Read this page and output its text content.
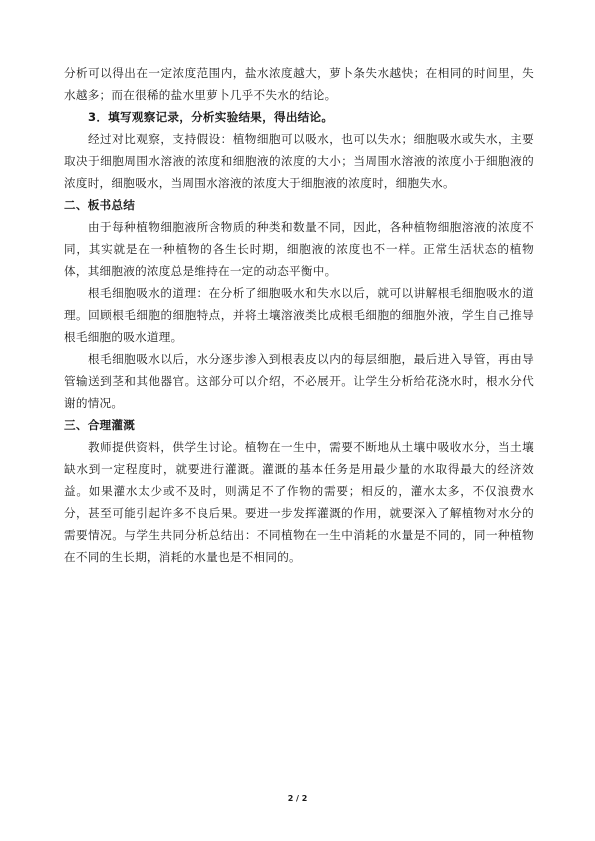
分析可以得出在一定浓度范围内，盐水浓度越大，萝卜条失水越快；在相同的时间里，失水越多；而在很稀的盐水里萝卜几乎不失水的结论。

3．填写观察记录，分析实验结果，得出结论。

经过对比观察，支持假设：植物细胞可以吸水，也可以失水；细胞吸水或失水，主要取决于细胞周围水溶液的浓度和细胞液的浓度的大小；当周围水溶液的浓度小于细胞液的浓度时，细胞吸水，当周围水溶液的浓度大于细胞液的浓度时，细胞失水。

二、板书总结

由于每种植物细胞液所含物质的种类和数量不同，因此，各种植物细胞溶液的浓度不同，其实就是在一种植物的各生长时期，细胞液的浓度也不一样。正常生活状态的植物体，其细胞液的浓度总是维持在一定的动态平衡中。

根毛细胞吸水的道理：在分析了细胞吸水和失水以后，就可以讲解根毛细胞吸水的道理。回顾根毛细胞的细胞特点，并将土壤溶液类比成根毛细胞的细胞外液，学生自己推导根毛细胞的吸水道理。

根毛细胞吸水以后，水分逐步渗入到根表皮以内的每层细胞，最后进入导管，再由导管输送到茎和其他器官。这部分可以介绍，不必展开。让学生分析给花浇水时，根水分代谢的情况。

三、合理灌溉

教师提供资料，供学生讨论。植物在一生中，需要不断地从土壤中吸收水分，当土壤缺水到一定程度时，就要进行灌溉。灌溉的基本任务是用最少量的水取得最大的经济效益。如果灌水太少或不及时，则满足不了作物的需要；相反的，灌水太多，不仅浪费水分，甚至可能引起许多不良后果。要进一步发挥灌溉的作用，就要深入了解植物对水分的需要情况。与学生共同分析总结出：不同植物在一生中消耗的水量是不同的，同一种植物在不同的生长期，消耗的水量也是不相同的。

2 / 2
